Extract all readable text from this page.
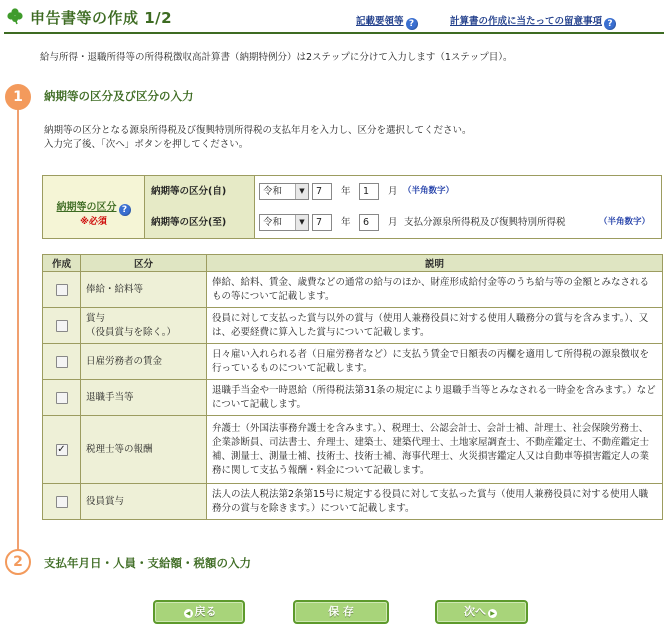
申告書等の作成 1/2	記載要領等 ?	計算書の作成に当たっての留意事項 ?
給与所得・退職所得等の所得税徴収高計算書（納期特例分）は2ステップに分けて入力します（1ステップ目）。
1	納期等の区分及び区分の入力
納期等の区分となる源泉所得税及び復興特別所得税の支払年月を入力し、区分を選択してください。
入力完了後、「次へ」ボタンを押してください。
納期等の区分 ?
※必須
納期等の区分(自)	令和	▼	7	年	1	月 （半角数字）
納期等の区分(至)	令和	▼	7	年	6	月 支払分源泉所得税及び復興特別所得税	（半角数字）
作成	区分	説明
	俸給・給料等	俸給、給料、賃金、歳費などの通常の給与のほか、財産形成給付金等のうち給与等の金額とみなされるもの等について記載します。

	賞与
（役員賞与を除く。）	役員に対して支払った賞与以外の賞与（使用人兼務役員に対する使用人職務分の賞与を含みます。）、又は、必要経費に算入した賞与について記載します。
	日雇労務者の賃金	日々雇い入れられる者（日雇労務者など）に支払う賃金で日額表の丙欄を適用して所得税の源泉徴収を行っているものについて記載します。
	退職手当等	退職手当金や一時恩給（所得税法第31条の規定により退職手当等とみなされる一時金を含みます。）などについて記載します。
✓	税理士等の報酬	弁護士（外国法事務弁護士を含みます。）、税理士、公認会計士、会計士補、計理士、社会保険労務士、企業診断員、司法書士、弁理士、建築士、建築代理士、土地家屋調査士、不動産鑑定士、不動産鑑定士補、測量士、測量士補、技術士、技術士補、海事代理士、火災損害鑑定人又は自動車等損害鑑定人の業務に関して支払う報酬・料金について記載します。
	役員賞与	法人の法人税法第2条第15号に規定する役員に対して支払った賞与（使用人兼務役員に対する使用人職務分の賞与を除きます。）について記載します。
2	支払年月日・人員・支給額・税額の入力
◀ 戻る	保 存	次へ ▶
